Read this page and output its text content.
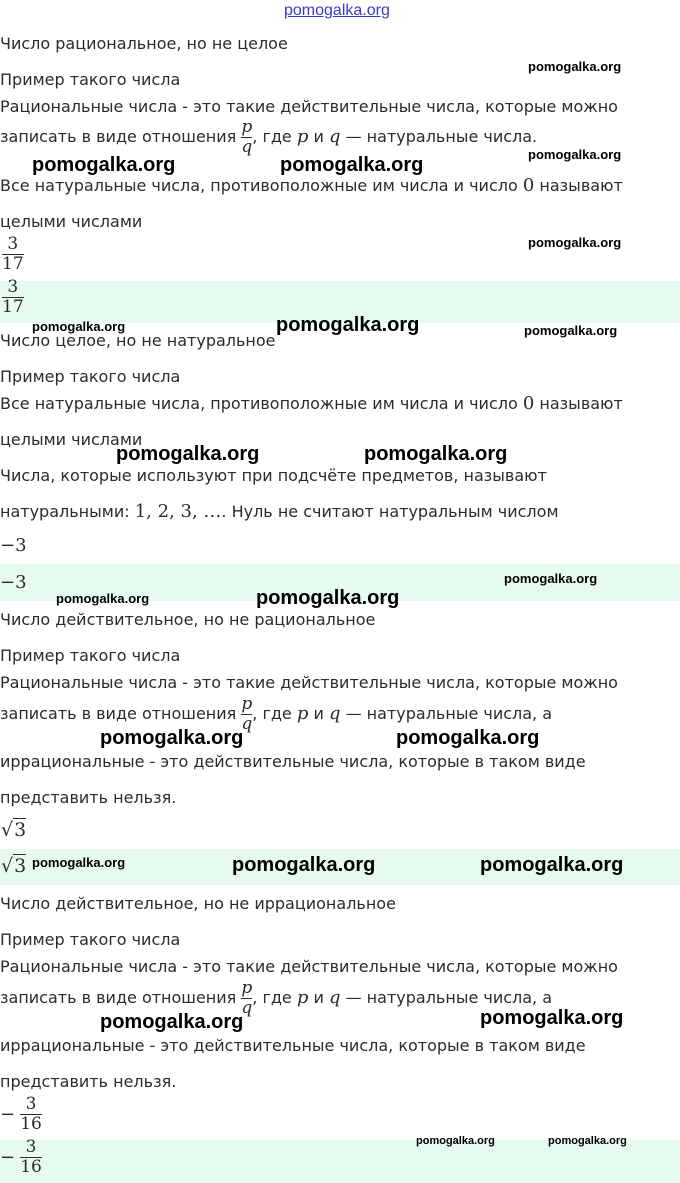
Число рациональное, но не целое
Пример такого числа
Рациональные числа - это такие действительные числа, которые можно
записать в виде отношения $\frac{p}{q}$ , где p и q — натуральные числа.
Все натуральные числа, противоположные им числа и число 0 называют
целыми числами
$\frac{3}{17}$
$\frac{3}{17}$
Число целое, но не натуральное
Пример такого числа
Все натуральные числа, противоположные им числа и число 0 называют
целыми числами
Числа, которые используют при подсчёте предметов, называют
натуральными: 1, 2, 3, …. Нуль не считают натуральным числом
−3
−3
Число действительное, но не рациональное
Пример такого числа
Рациональные числа - это такие действительные числа, которые можно
записать в виде отношения $\frac{p}{q}$ , где p и q — натуральные числа, а
иррациональные - это действительные числа, которые в таком виде
представить нельзя.
√3
√3
Число действительное, но не иррациональное
Пример такого числа
Рациональные числа - это такие действительные числа, которые можно
записать в виде отношения $\frac{p}{q}$ , где p и q — натуральные числа, а
иррациональные - это действительные числа, которые в таком виде
представить нельзя.
− $\frac{3}{16}$
− $\frac{3}{16}$
pomogalka.org
pomogalka.org
pomogalka.org	pomogalka.org	pomogalka.org
pomogalka.org
pomogalka.org	pomogalka.org	pomogalka.org
pomogalka.org	pomogalka.org
pomogalka.org
pomogalka.org	pomogalka.org
pomogalka.org	pomogalka.org
pomogalka.org	pomogalka.org	pomogalka.org
pomogalka.org	pomogalka.org
pomogalka.org	pomogalka.org
